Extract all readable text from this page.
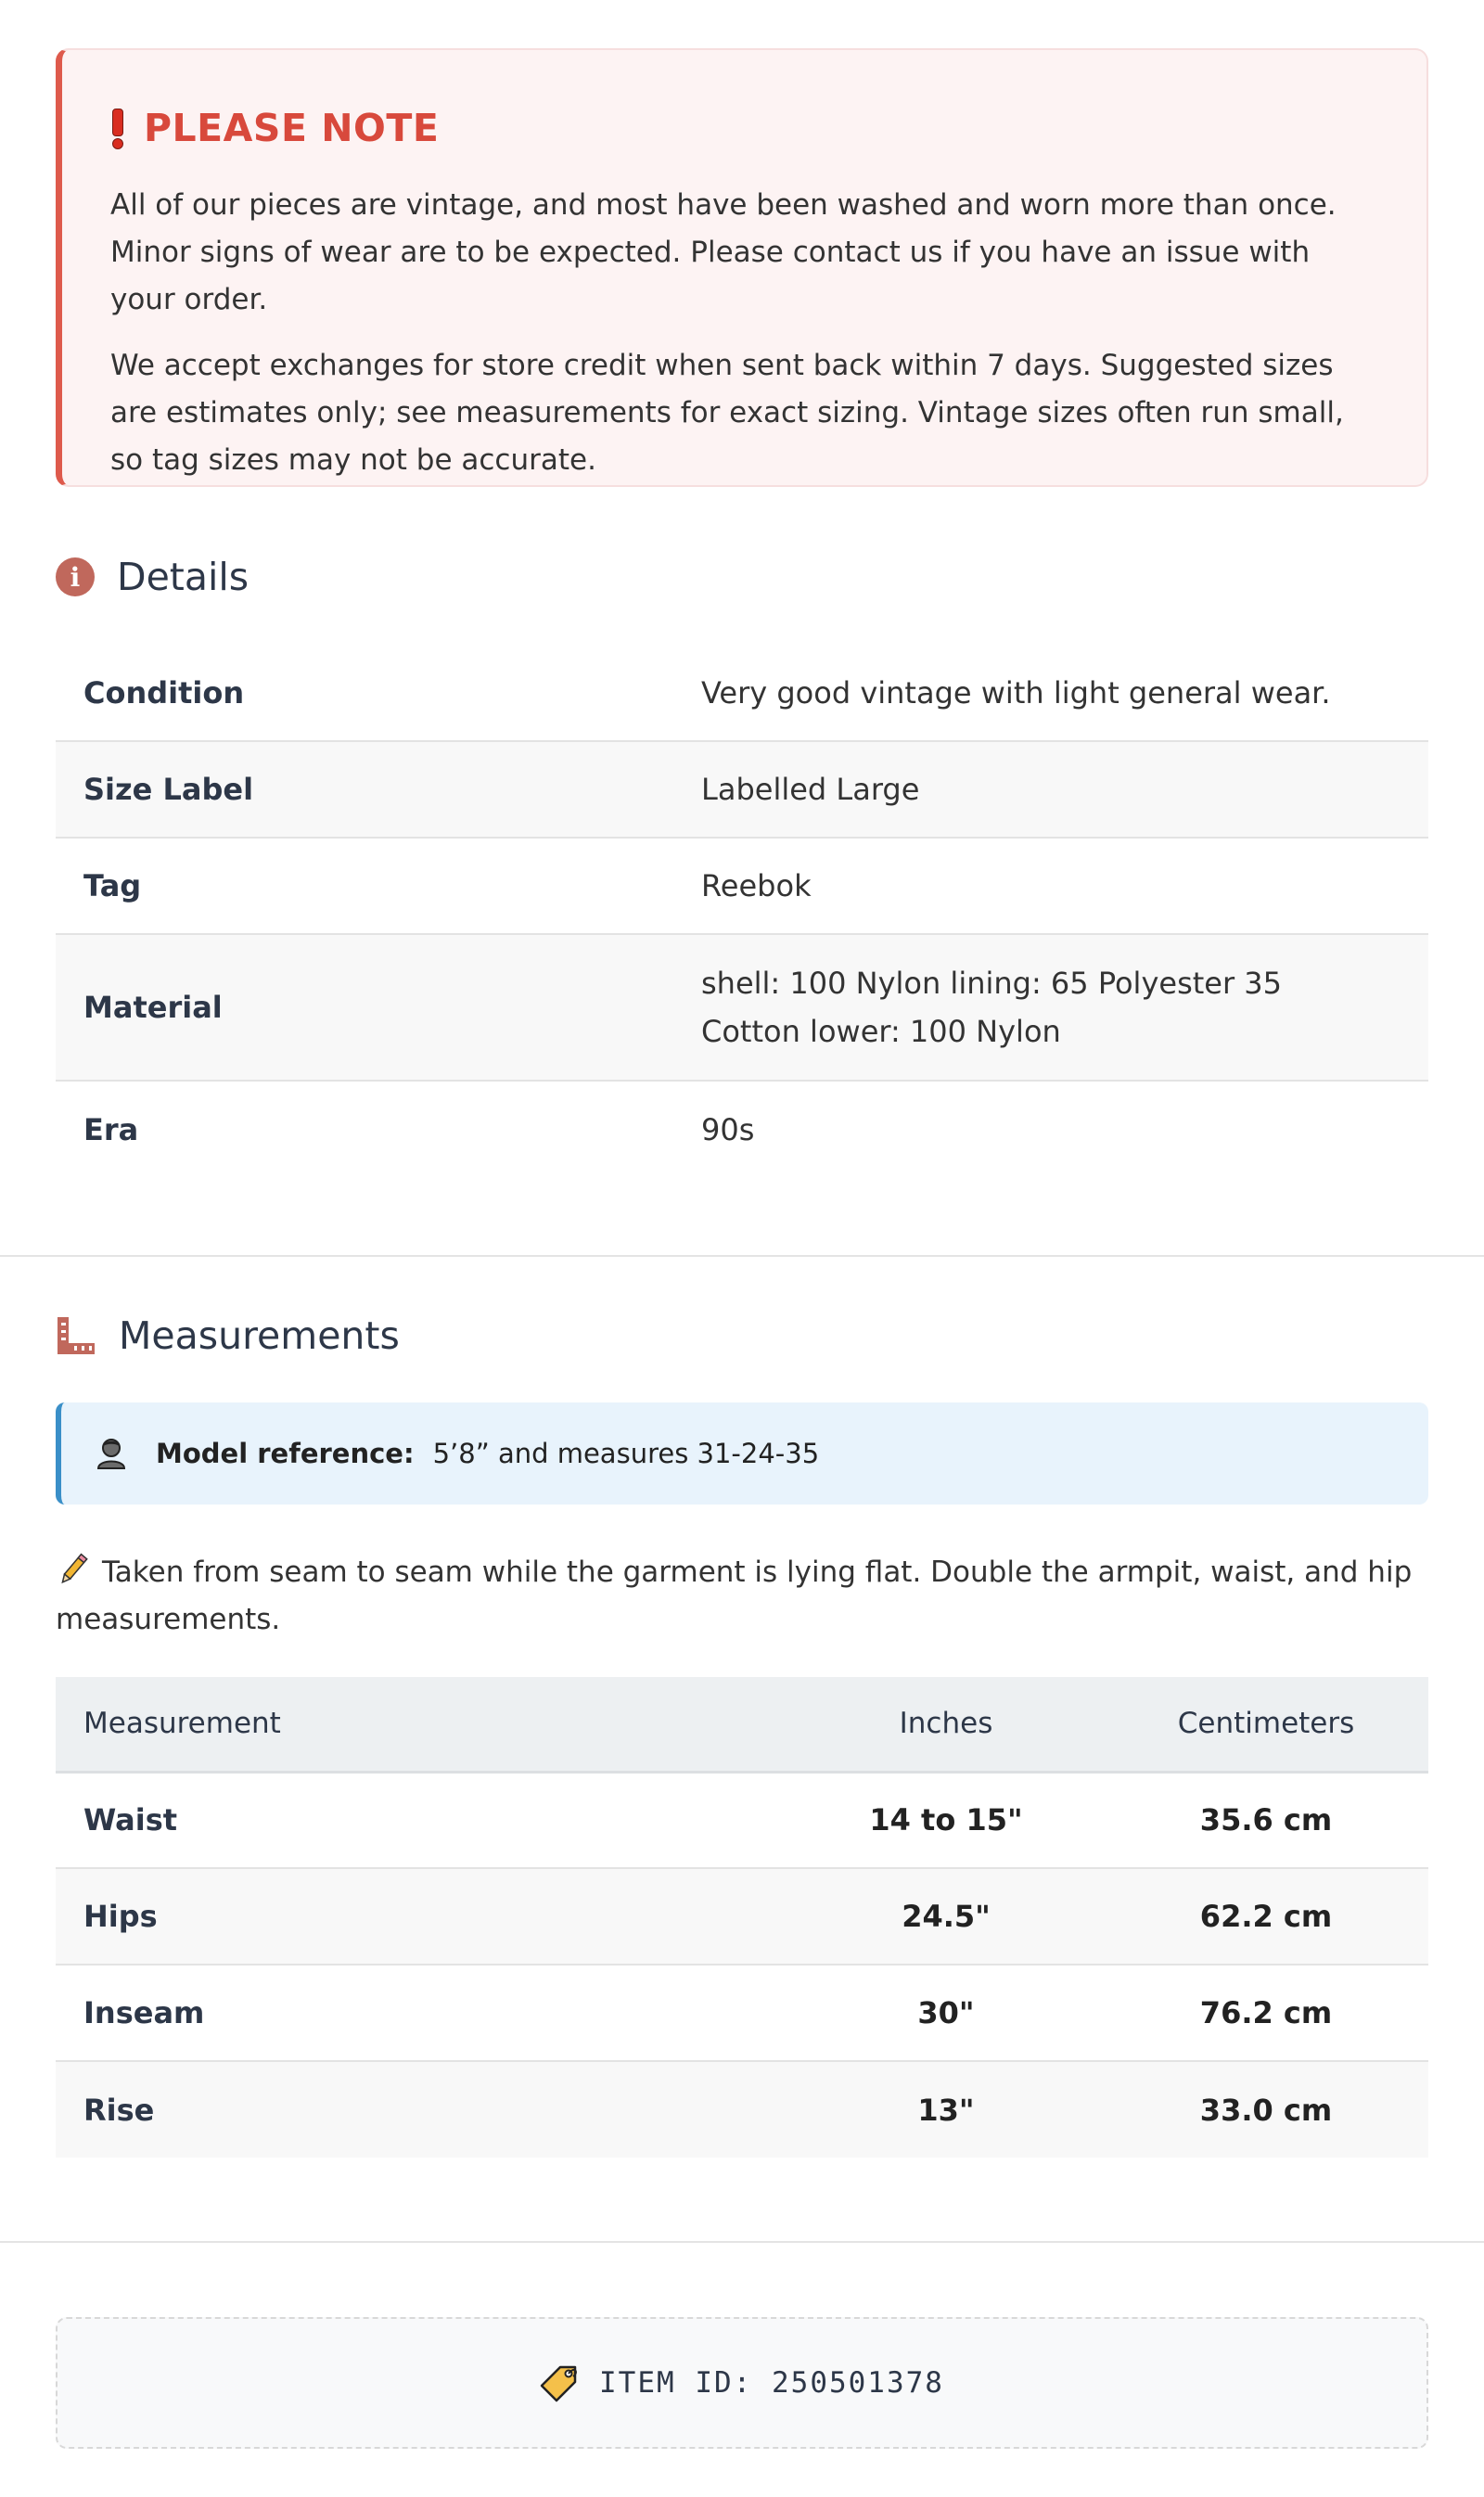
PLEASE NOTE

All of our pieces are vintage, and most have been washed and worn more than once. Minor signs of wear are to be expected. Please contact us if you have an issue with your order.

We accept exchanges for store credit when sent back within 7 days. Suggested sizes are estimates only; see measurements for exact sizing. Vintage sizes often run small, so tag sizes may not be accurate.

i Details
Condition	Very good vintage with light general wear.
Size Label	Labelled Large
Tag	Reebok
Material	shell: 100 Nylon lining: 65 Polyester 35 Cotton lower: 100 Nylon
Era	90s
Measurements
Model reference: 5’8” and measures 31-24-35
Taken from seam to seam while the garment is lying flat. Double the armpit, waist, and hip measurements.
Measurement	Inches	Centimeters
Waist	14 to 15"	35.6 cm
Hips	24.5"	62.2 cm
Inseam	30"	76.2 cm
Rise	13"	33.0 cm
ITEM ID: 250501378
